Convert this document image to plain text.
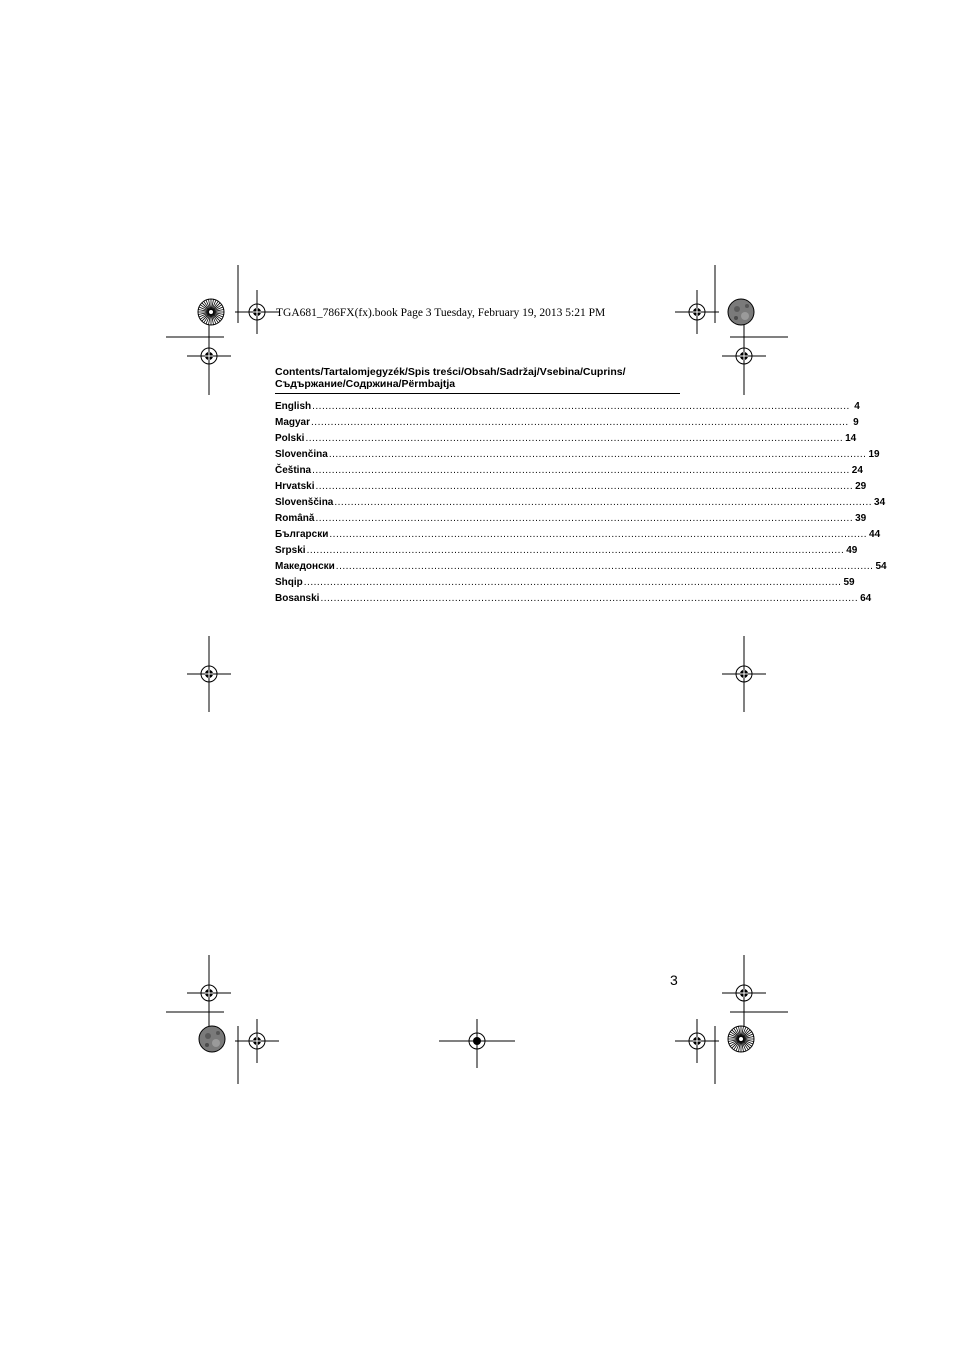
TGA681_786FX(fx).book Page 3 Tuesday, February 19, 2013 5:21 PM
Contents/Tartalomjegyzék/Spis treści/Obsah/Sadržaj/Vsebina/Cuprins/
Съдържание/Содржина/Përmbajtja
English .................................................................................................................................................................... 4
Magyar .................................................................................................................................................................... 9
Polski .................................................................................................................................................................... 14
Slovenčina .................................................................................................................................................................... 19
Čeština .................................................................................................................................................................... 24
Hrvatski .................................................................................................................................................................... 29
Slovenščina .................................................................................................................................................................... 34
Română .................................................................................................................................................................... 39
Български .................................................................................................................................................................... 44
Srpski .................................................................................................................................................................... 49
Македонски .................................................................................................................................................................... 54
Shqip .................................................................................................................................................................... 59
Bosanski .................................................................................................................................................................... 64
3
